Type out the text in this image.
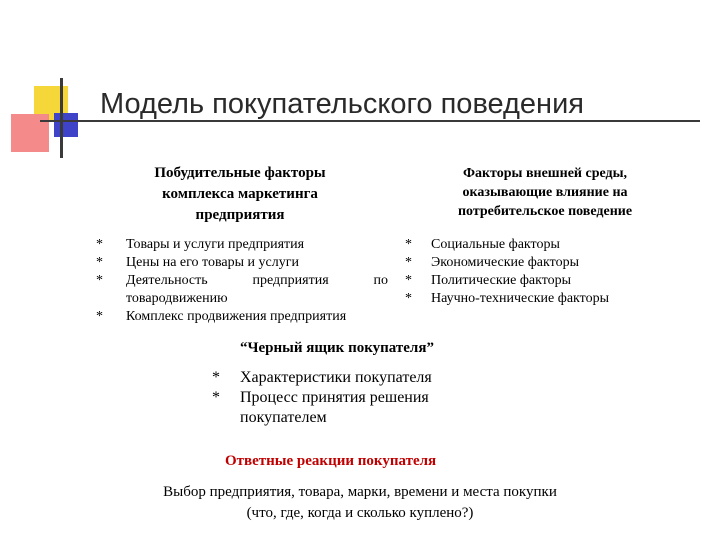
Модель покупательского поведения
Побудительные факторы
комплекса маркетинга
предприятия
Факторы внешней среды,
оказывающие влияние на
потребительское поведение
* Товары и услуги предприятия
* Цены на его товары и услуги
* Деятельность предприятия по
товародвижению
* Комплекс продвижения предприятия
* Социальные факторы
* Экономические факторы
* Политические факторы
* Научно-технические факторы
“Черный ящик покупателя”
* Характеристики покупателя
* Процесс принятия решения
покупателем
Ответные реакции покупателя
Выбор предприятия, товара, марки, времени и места покупки
(что, где, когда и сколько куплено?)
